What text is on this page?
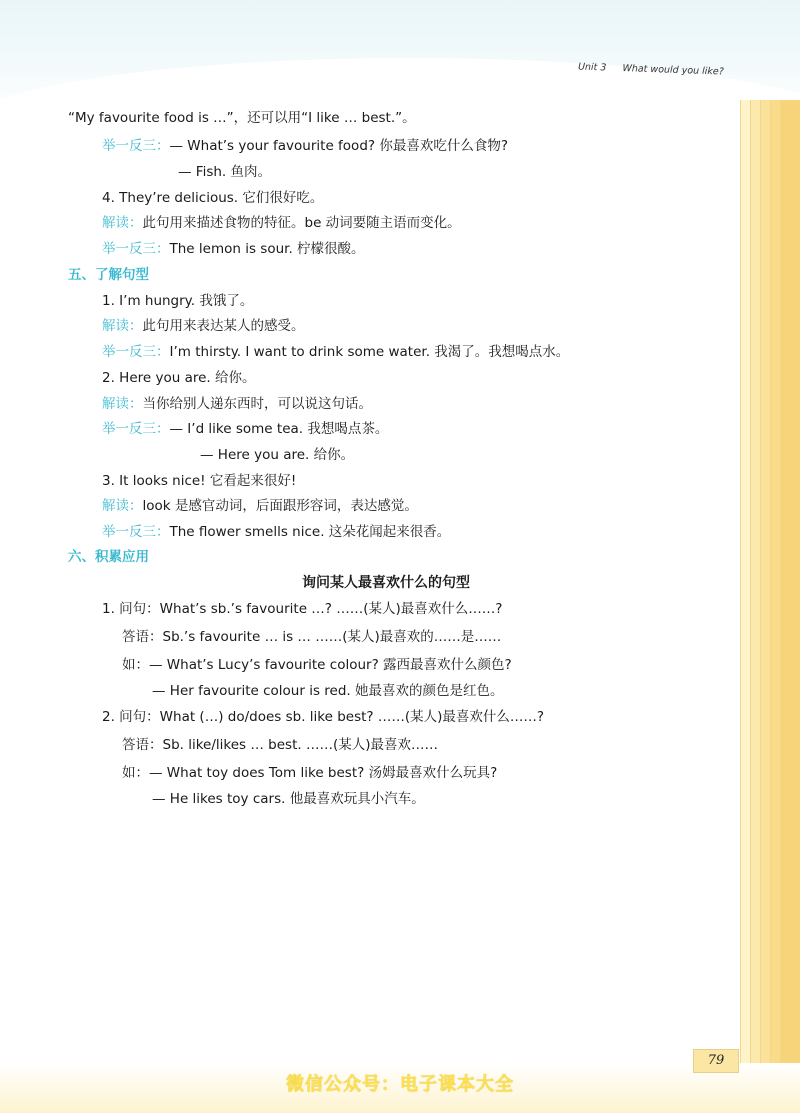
Unit 3 What would you like?
“My favourite food is …”，还可以用“I like … best.”。
举一反三：— What’s your favourite food? 你最喜欢吃什么食物?
— Fish. 鱼肉。
4. They’re delicious. 它们很好吃。
解读：此句用来描述食物的特征。be 动词要随主语而变化。
举一反三：The lemon is sour. 柠檬很酸。
五、了解句型
1. I’m hungry. 我饿了。
解读：此句用来表达某人的感受。
举一反三：I’m thirsty. I want to drink some water. 我渴了。我想喝点水。
2. Here you are. 给你。
解读：当你给别人递东西时，可以说这句话。
举一反三：— I’d like some tea. 我想喝点茶。
— Here you are. 给你。
3. It looks nice! 它看起来很好!
解读：look 是感官动词，后面跟形容词，表达感觉。
举一反三：The flower smells nice. 这朵花闻起来很香。
六、积累应用
询问某人最喜欢什么的句型
1. 问句：What’s sb.’s favourite …? ……(某人)最喜欢什么……?
答语：Sb.’s favourite … is … ……(某人)最喜欢的……是……
如：— What’s Lucy’s favourite colour? 露西最喜欢什么颜色?
— Her favourite colour is red. 她最喜欢的颜色是红色。
2. 问句：What (…) do/does sb. like best? ……(某人)最喜欢什么……?
答语：Sb. like/likes … best. ……(某人)最喜欢……
如：— What toy does Tom like best? 汤姆最喜欢什么玩具?
— He likes toy cars. 他最喜欢玩具小汽车。
79
微信公众号：电子课本大全
